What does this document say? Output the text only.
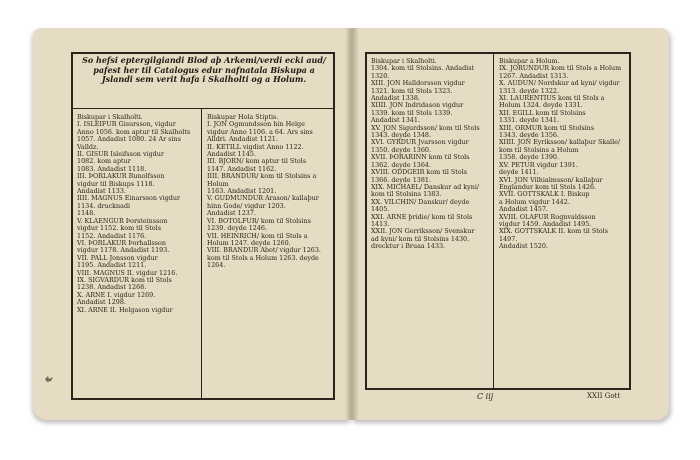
So hefsi eptergilgiandi Blod aþ Arkemi/verdi ecki aud/ pafest her til Catalogus edur nafnatala Biskupa a Jslandi sem verit hafa i Skalholti og a Holum.
Biskupar i Skalholti.
I. ISLEIFUR Gisursson, vigdur
Anno 1056. kom aptur til Skalholts 1057. Andadist 1080. 24 Ar sins Valldz.
II. GISUR Isleifsson vigdur
1082. kom aptur
1083. Andadist 1118.
III. ÞORLAKUR Runolfsson
vigdur til Biskups 1118.
Andadist 1133.
IIII. MAGNUS Einarsson vigdur
1134. drucknadi
1148.
V. KLAENGUR Þorsteinsson
vigdur 1152. kom til Stols
1152. Andadist 1176.
VI. ÞORLAKUR Þorhallsson
vigdur 1178. Andadist 1193.
VII. PALL Jonsson vigdur
1195. Andadist 1211.
VIII. MAGNUS II. vigdur 1216.
IX. SIGVARDUR kom til Stols
1238. Andadist 1268.
X. ARNE I. vigdur 1269.
Andadist 1298.
XI. ARNE II. Helgason vigdur
Biskupar Hola Stiptis.
I. JON Ogmundsson hin Helge
vigdur Anno 1106. a 64. Ars sins Alldri. Andadist 1121.
II. KETILL vigdist Anno 1122.
Andadist 1145.
III. BJORN/ kom aptur til Stols
1147. Andadist 1162.
IIII. BRANDUR/ kom til Stolsins a Holum
1163. Andadist 1201.
V. GUDMUNDUR Arason/ kallaþur hinn Gode/ vigdur 1203.
Andadist 1237.
VI. BOTOLFUR/ kom til Stolsins
1239. deyde 1246.
VII. HEINRICH/ kom til Stols a Holum 1247. deyde 1260.
VIII. BRANDUR Abot/ vigdur 1263. kom til Stols a Holum 1263. deyde 1264.
Biskupar i Skalholti.
1304. kom til Stolsins. Andadist 1320.
XIII. JON Halldorsson vigdur
1321. kom til Stols 1323.
Andadist 1338.
XIIII. JON Indridason vigdur
1339. kom til Stols 1339.
Andadist 1341.
XV. JON Sigurdsson/ kom til Stols 1343. deyde 1348.
XVI. GYRDUR Jvarsson vigdur
1350. deyde 1360.
XVII. ÞORARINN kom til Stols
1362. deyde 1364.
XVIII. ODDGEIR kom til Stols
1366. deyde 1381.
XIX. MICHAEL/ Danskur ad kyni/ kom til Stolsins 1383.
XX. VILCHIN/ Danskur/ deyde 1405.
XXI. ARNE þridie/ kom til Stols
1413.
XXII. JON Gerriksson/ Svenskur
ad kyni/ kom til Stolsins 1430.
drecktur i Bruaa 1433.
Biskupar a Holum.
IX. JORUNDUR kom til Stols a Holum 1267. Andadist 1313.
X. AUDUN/ Nordskur ad kyni/ vigdur 1313. deyde 1322.
XI. LAURENTIUS kom til Stols a Holum 1324. deyde 1331.
XII. EGILL kom til Stolsins
1331. deyde 1341.
XIII. ORMUR kom til Stolsins
1343. deyde 1356.
XIIII. JON Eyriksson/ kallaþur Skalle/ kom til Stolsins a Holum
1358. deyde 1390.
XV. PETUR vigdur 1391.
deyde 1411.
XVI. JON Vilhialmsson/ kallaþur Englandur kom til Stols 1426.
XVII. GOTTSKALK I. Biskup
a Holum vigdur 1442.
Andadist 1457.
XVIII. OLAFUR Rognvaldsson
vigdur 1459. Andadist 1495.
XIX. GOTTSKALK II. kom til Stols 1497.
Andadist 1520.
C iij	XXII Gott
